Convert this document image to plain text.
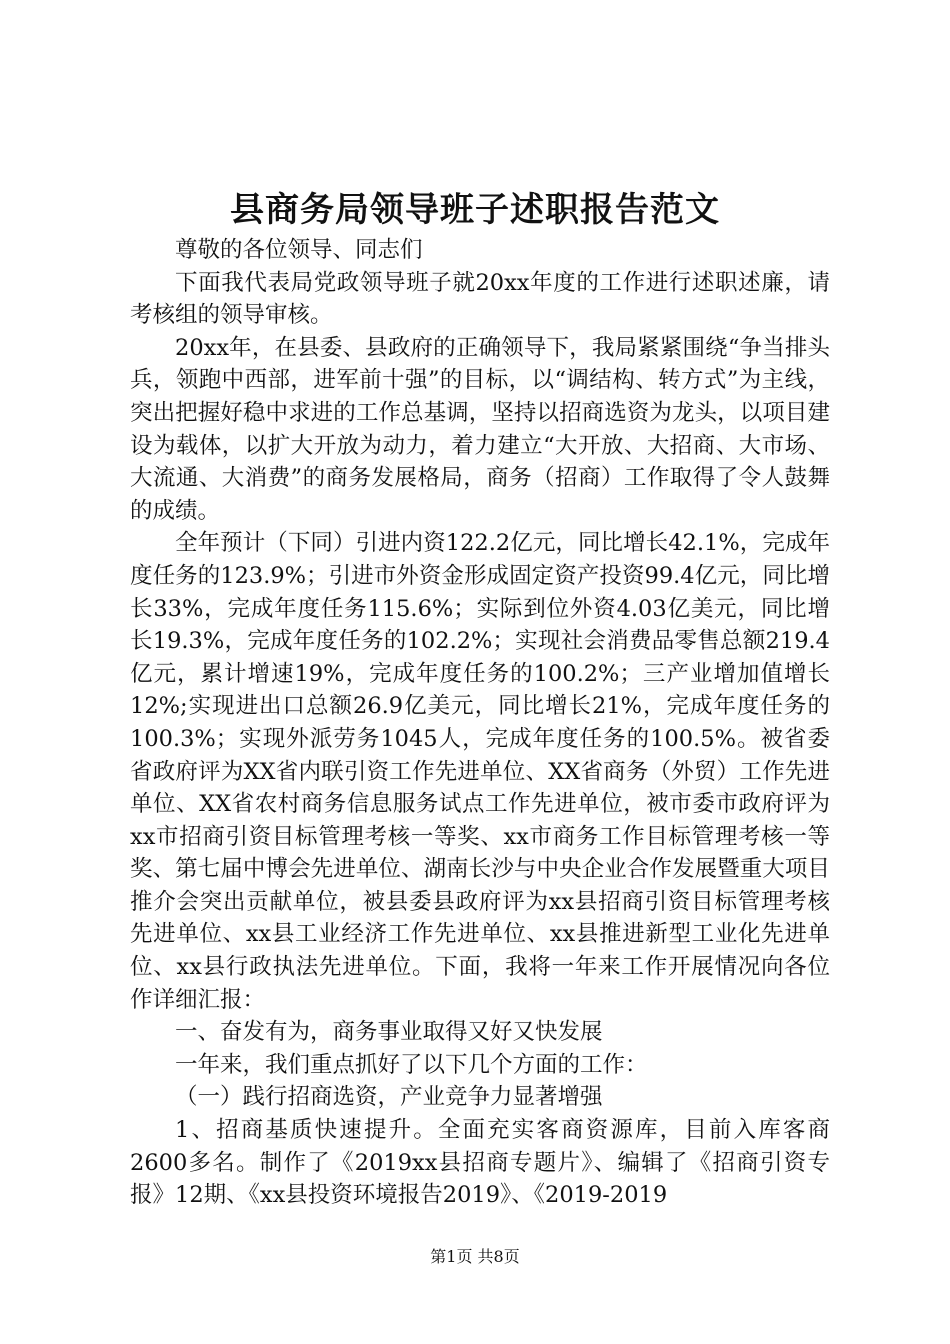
县商务局领导班子述职报告范文

尊敬的各位领导、同志们

下面我代表局党政领导班子就20xx年度的工作进行述职述廉，请考核组的领导审核。

20xx年，在县委、县政府的正确领导下，我局紧紧围绕“争当排头兵，领跑中西部，进军前十强”的目标，以“调结构、转方式”为主线，突出把握好稳中求进的工作总基调，坚持以招商选资为龙头，以项目建设为载体，以扩大开放为动力，着力建立“大开放、大招商、大市场、大流通、大消费”的商务发展格局，商务（招商）工作取得了令人鼓舞的成绩。

全年预计（下同）引进内资122.2亿元，同比增长42.1%，完成年度任务的123.9%；引进市外资金形成固定资产投资99.4亿元，同比增长33%，完成年度任务115.6%；实际到位外资4.03亿美元，同比增长19.3%，完成年度任务的102.2%；实现社会消费品零售总额219.4亿元，累计增速19%，完成年度任务的100.2%；三产业增加值增长12%;实现进出口总额26.9亿美元，同比增长21%，完成年度任务的100.3%；实现外派劳务1045人，完成年度任务的100.5%。被省委省政府评为XX省内联引资工作先进单位、XX省商务（外贸）工作先进单位、XX省农村商务信息服务试点工作先进单位，被市委市政府评为xx市招商引资目标管理考核一等奖、xx市商务工作目标管理考核一等奖、第七届中博会先进单位、湖南长沙与中央企业合作发展暨重大项目推介会突出贡献单位，被县委县政府评为xx县招商引资目标管理考核先进单位、xx县工业经济工作先进单位、xx县推进新型工业化先进单位、xx县行政执法先进单位。下面，我将一年来工作开展情况向各位作详细汇报：

一、奋发有为，商务事业取得又好又快发展

一年来，我们重点抓好了以下几个方面的工作：

（一）践行招商选资，产业竞争力显著增强

1、招商基质快速提升。全面充实客商资源库，目前入库客商2600多名。制作了《2019xx县招商专题片》、编辑了《招商引资专报》12期、《xx县投资环境报告2019》、《2019-2019

第1页 共8页
